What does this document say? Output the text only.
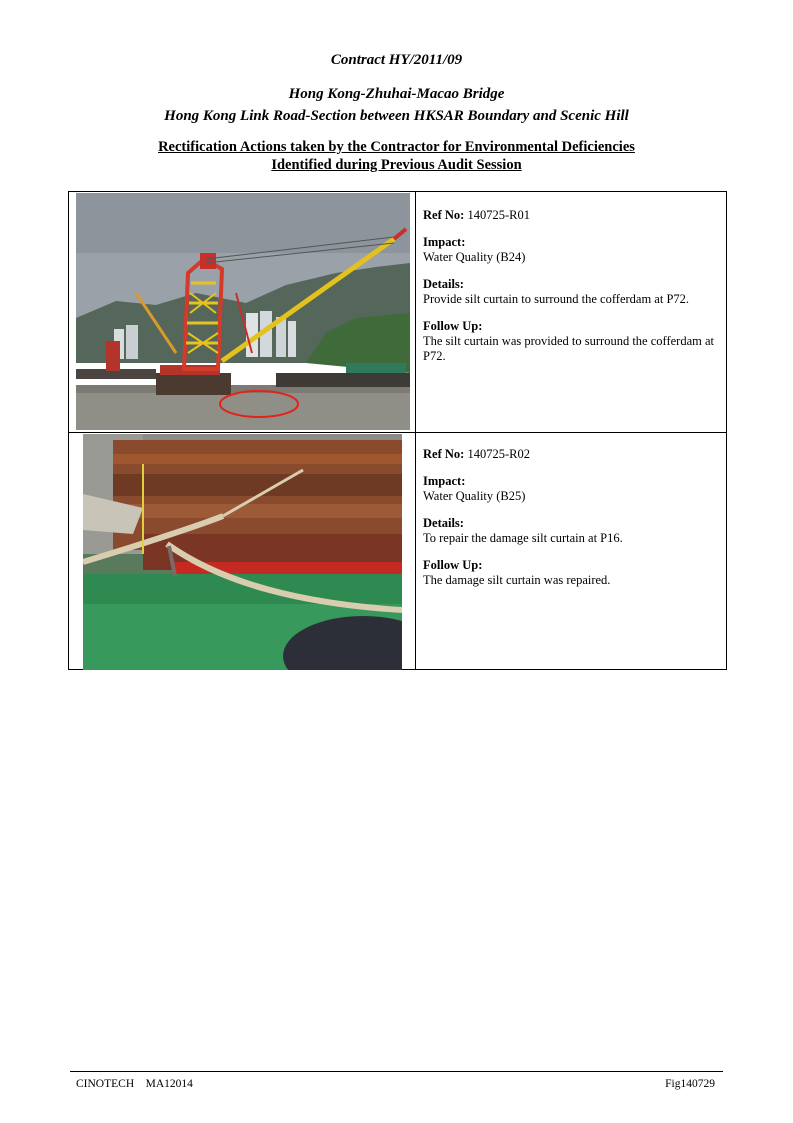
Contract HY/2011/09
Hong Kong-Zhuhai-Macao Bridge
Hong Kong Link Road-Section between HKSAR Boundary and Scenic Hill
Rectification Actions taken by the Contractor for Environmental Deficiencies
Identified during Previous Audit Session
Ref No: 140725-R01
Impact:
Water Quality (B24)
Details:
Provide silt curtain to surround the cofferdam at P72.
Follow Up:
The silt curtain was provided to surround the cofferdam at P72.
Ref No: 140725-R02
Impact:
Water Quality (B25)
Details:
To repair the damage silt curtain at P16.
Follow Up:
The damage silt curtain was repaired.
CINOTECH    MA12014	Fig140729
